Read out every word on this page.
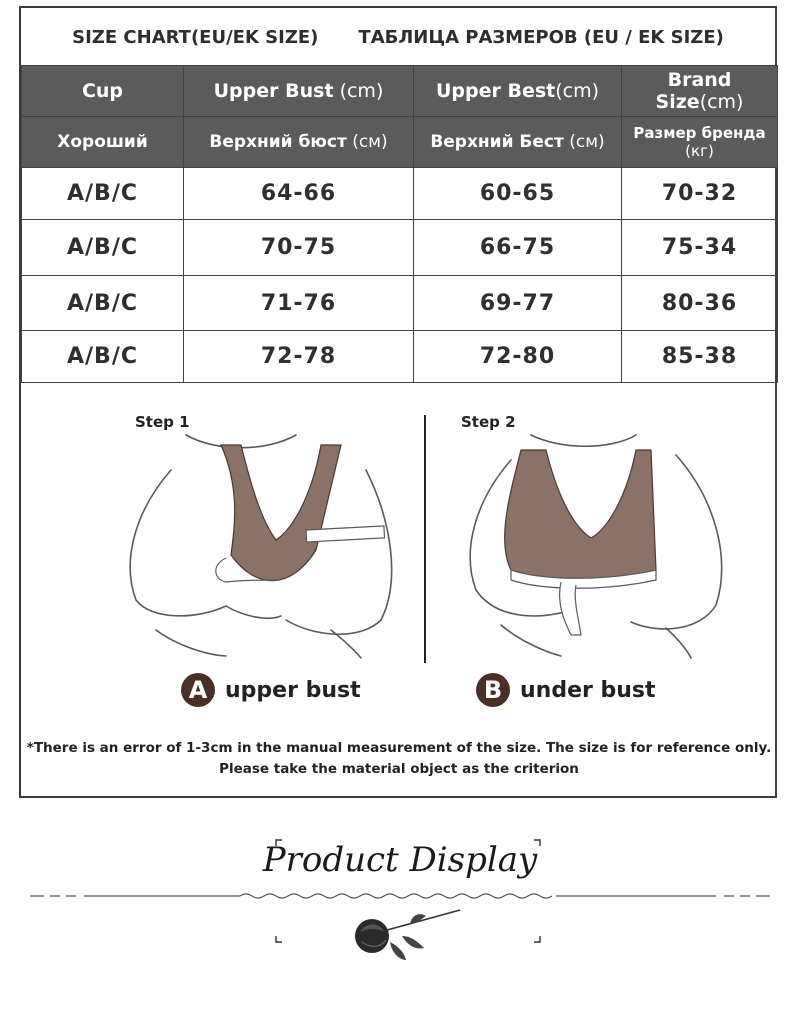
SIZE CHART(EU/EK SIZE) ТАБЛИЦА РАЗМЕРОВ (EU / EK SIZE)
Cup	Upper Bust (cm)	Upper Best(cm)	Brand Size(cm)
Хороший	Верхний бюст (см)	Верхний Бест (см)	Размер бренда
(кг)
A/B/C	64-66	60-65	70-32
A/B/C	70-75	66-75	75-34
A/B/C	71-76	69-77	80-36
A/B/C	72-78	72-80	85-38
Step 1	Step 2
A upper bust	B under bust
*There is an error of 1-3cm in the manual measurement of the size. The size is for reference only.
Please take the material object as the criterion
Product Display
